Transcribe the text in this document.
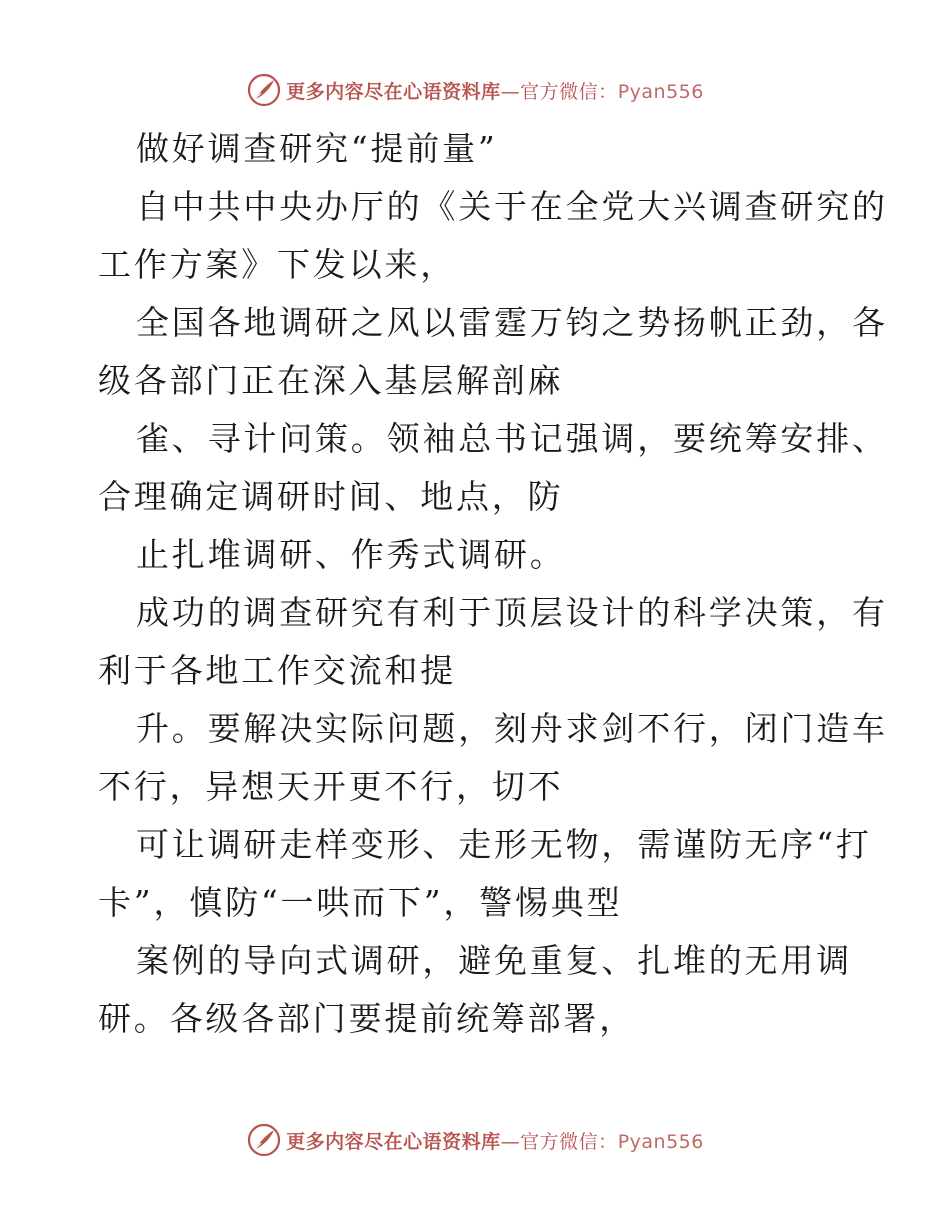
更多内容尽在心语资料库—官方微信：Pyan556
做好调查研究“提前量”
自中共中央办厅的《关于在全党大兴调查研究的
工作方案》下发以来，
全国各地调研之风以雷霆万钧之势扬帆正劲，各
级各部门正在深入基层解剖麻
雀、寻计问策。领袖总书记强调，要统筹安排、
合理确定调研时间、地点，防
止扎堆调研、作秀式调研。
成功的调查研究有利于顶层设计的科学决策，有
利于各地工作交流和提
升。要解决实际问题，刻舟求剑不行，闭门造车
不行，异想天开更不行，切不
可让调研走样变形、走形无物，需谨防无序“打
卡”，慎防“一哄而下”，警惕典型
案例的导向式调研，避免重复、扎堆的无用调
研。各级各部门要提前统筹部署，
更多内容尽在心语资料库—官方微信：Pyan556
